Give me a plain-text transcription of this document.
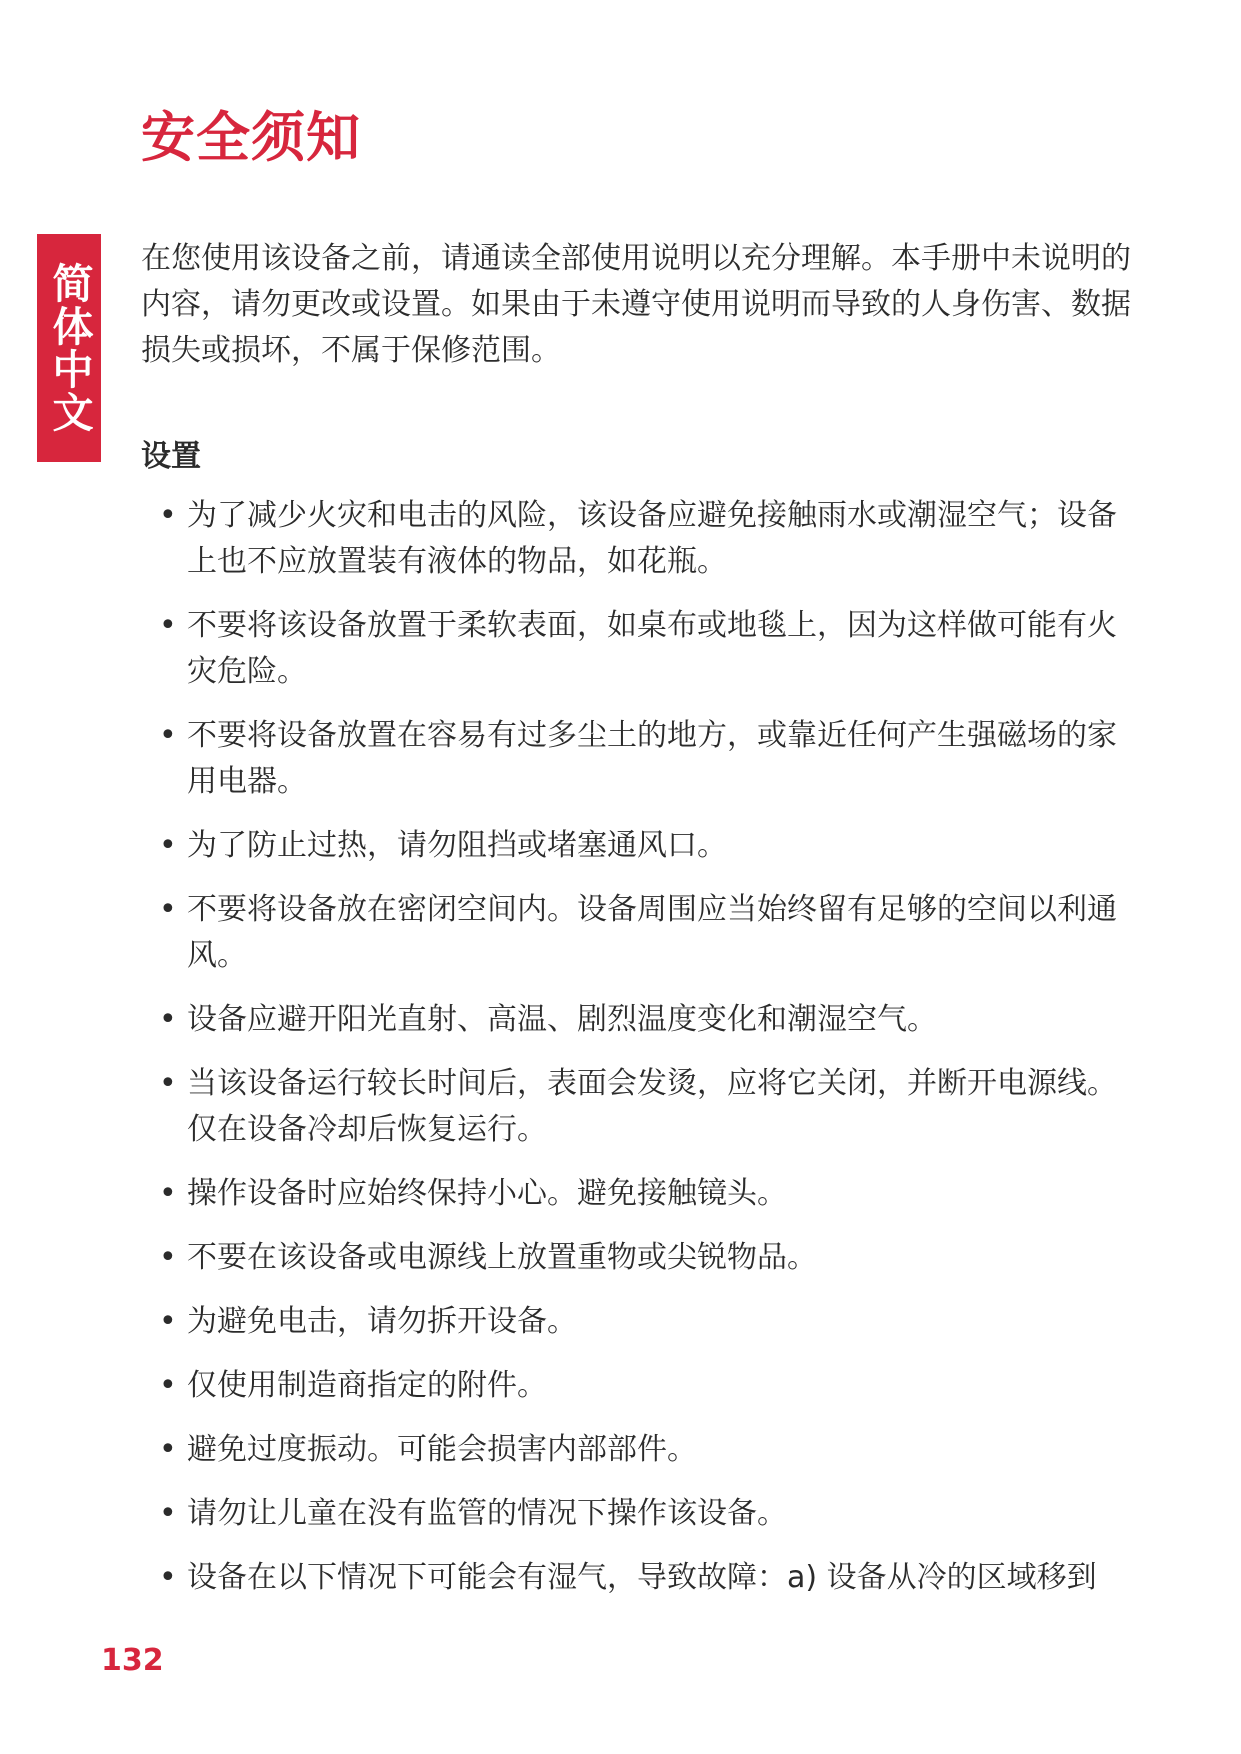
安全须知
简体中文

在您使用该设备之前，请通读全部使用说明以充分理解。本手册中未说明的内容，请勿更改或设置。如果由于未遵守使用说明而导致的人身伤害、数据损失或损坏，不属于保修范围。

设置
• 为了减少火灾和电击的风险，该设备应避免接触雨水或潮湿空气；设备上也不应放置装有液体的物品，如花瓶。
• 不要将该设备放置于柔软表面，如桌布或地毯上，因为这样做可能有火灾危险。
• 不要将设备放置在容易有过多尘土的地方，或靠近任何产生强磁场的家用电器。
• 为了防止过热，请勿阻挡或堵塞通风口。
• 不要将设备放在密闭空间内。设备周围应当始终留有足够的空间以利通风。
• 设备应避开阳光直射、高温、剧烈温度变化和潮湿空气。
• 当该设备运行较长时间后，表面会发烫，应将它关闭，并断开电源线。仅在设备冷却后恢复运行。
• 操作设备时应始终保持小心。避免接触镜头。
• 不要在该设备或电源线上放置重物或尖锐物品。
• 为避免电击，请勿拆开设备。
• 仅使用制造商指定的附件。
• 避免过度振动。可能会损害内部部件。
• 请勿让儿童在没有监管的情况下操作该设备。
• 设备在以下情况下可能会有湿气，导致故障：a) 设备从冷的区域移到

132
